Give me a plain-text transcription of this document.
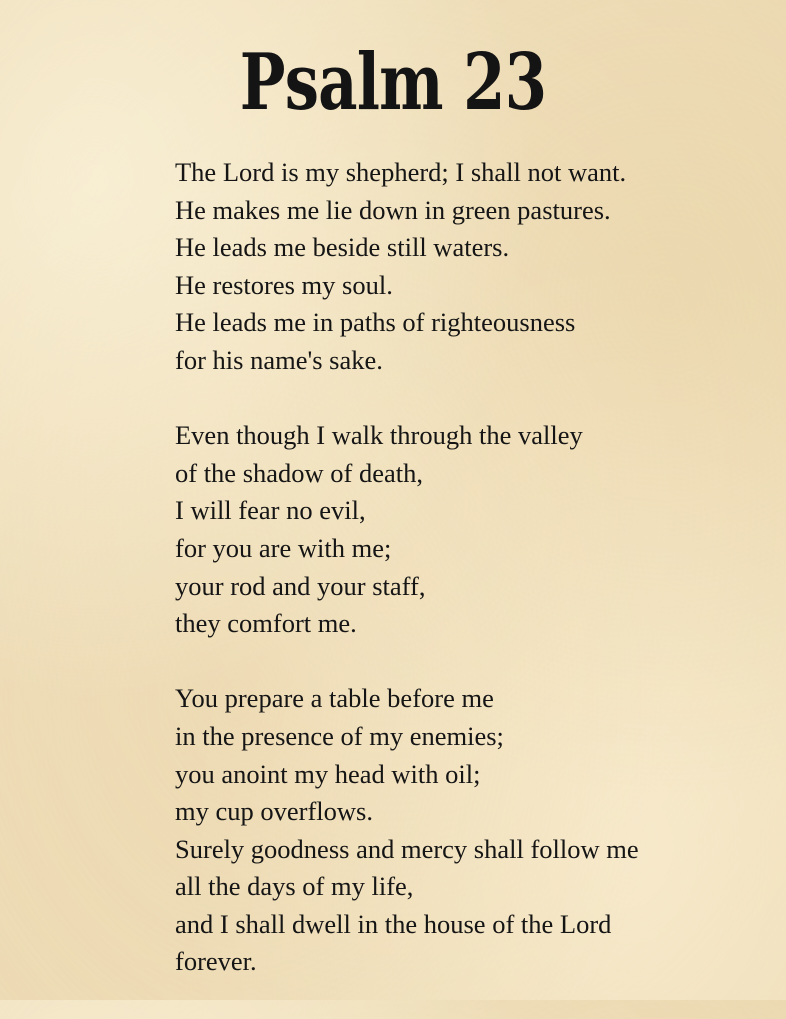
Psalm 23
The Lord is my shepherd; I shall not want.
He makes me lie down in green pastures.
He leads me beside still waters.
He restores my soul.
He leads me in paths of righteousness
for his name's sake.
Even though I walk through the valley
of the shadow of death,
I will fear no evil,
for you are with me;
your rod and your staff,
they comfort me.
You prepare a table before me
in the presence of my enemies;
you anoint my head with oil;
my cup overflows.
Surely goodness and mercy shall follow me
all the days of my life,
and I shall dwell in the house of the Lord
forever.
